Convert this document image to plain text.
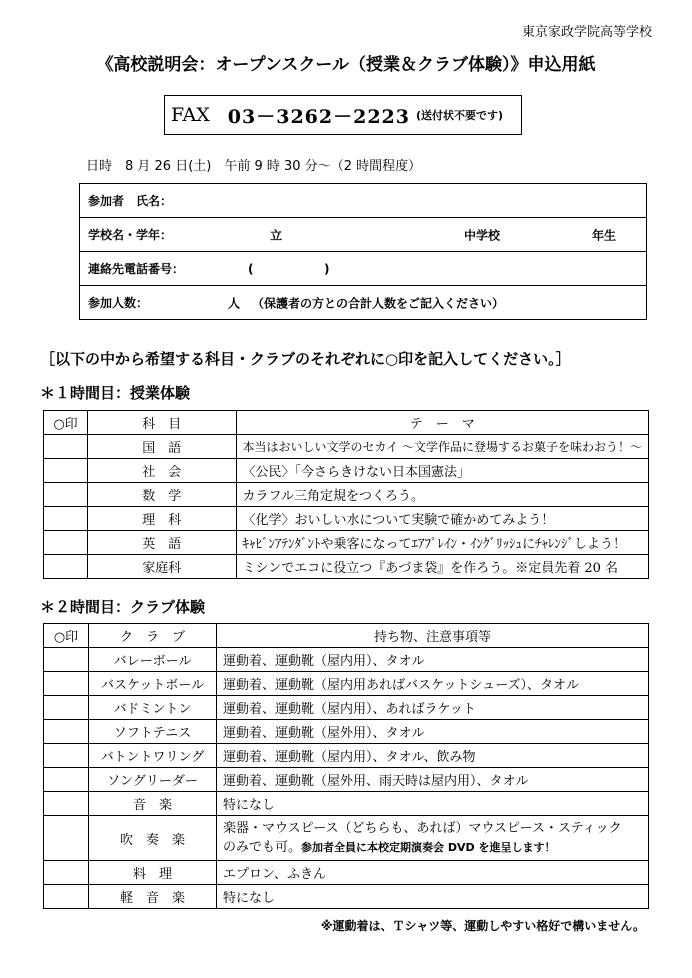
東京家政学院高等学校
《高校説明会：オープンスクール（授業＆クラブ体験）》申込用紙
FAX 03－3262－2223 (送付状不要です)
日時　8 月 26 日(土)　午前 9 時 30 分～（2 時間程度）
参加者　氏名：
学校名・学年：	立	中学校	年生

連絡先電話番号：	(	)

参加人数：	人 （保護者の方との合計人数をご記入ください）
［以下の中から希望する科目・クラブのそれぞれに○印を記入してください。］
＊１時間目：授業体験
○印	科　目	テ　ー　マ
	国　語	本当はおいしい文学のセカイ ～文学作品に登場するお菓子を味わおう！～
	社　会	〈公民〉「今さらきけない日本国憲法」
	数　学	カラフル三角定規をつくろう。
	理　科	〈化学〉おいしい水について実験で確かめてみよう！
	英　語	ｷｬﾋﾞﾝｱﾃﾝﾀﾞﾝﾄや乗客になってｴｱﾌﾟﾚｲﾝ・ｲﾝｸﾞﾘｯｼｭにﾁｬﾚﾝｼﾞしよう！
	家庭科	ミシンでエコに役立つ『あづま袋』を作ろう。※定員先着 20 名
＊２時間目：クラブ体験
○印	ク　ラ　ブ	持ち物、注意事項等
	バレーボール	運動着、運動靴（屋内用）、タオル
	バスケットボール	運動着、運動靴（屋内用あればバスケットシューズ）、タオル
	バドミントン	運動着、運動靴（屋内用）、あればラケット
	ソフトテニス	運動着、運動靴（屋外用）、タオル
	バトントワリング	運動着、運動靴（屋内用）、タオル、飲み物
	ソングリーダー	運動着、運動靴（屋外用、雨天時は屋内用）、タオル
	音　楽	特になし
	吹　奏　楽	楽器・マウスピース（どちらも、あれば）マウスピース・スティック
のみでも可。参加者全員に本校定期演奏会 DVD を進呈します！

	料　理	エプロン、ふきん
	軽　音　楽	特になし
※運動着は、Ｔシャツ等、運動しやすい格好で構いません。
